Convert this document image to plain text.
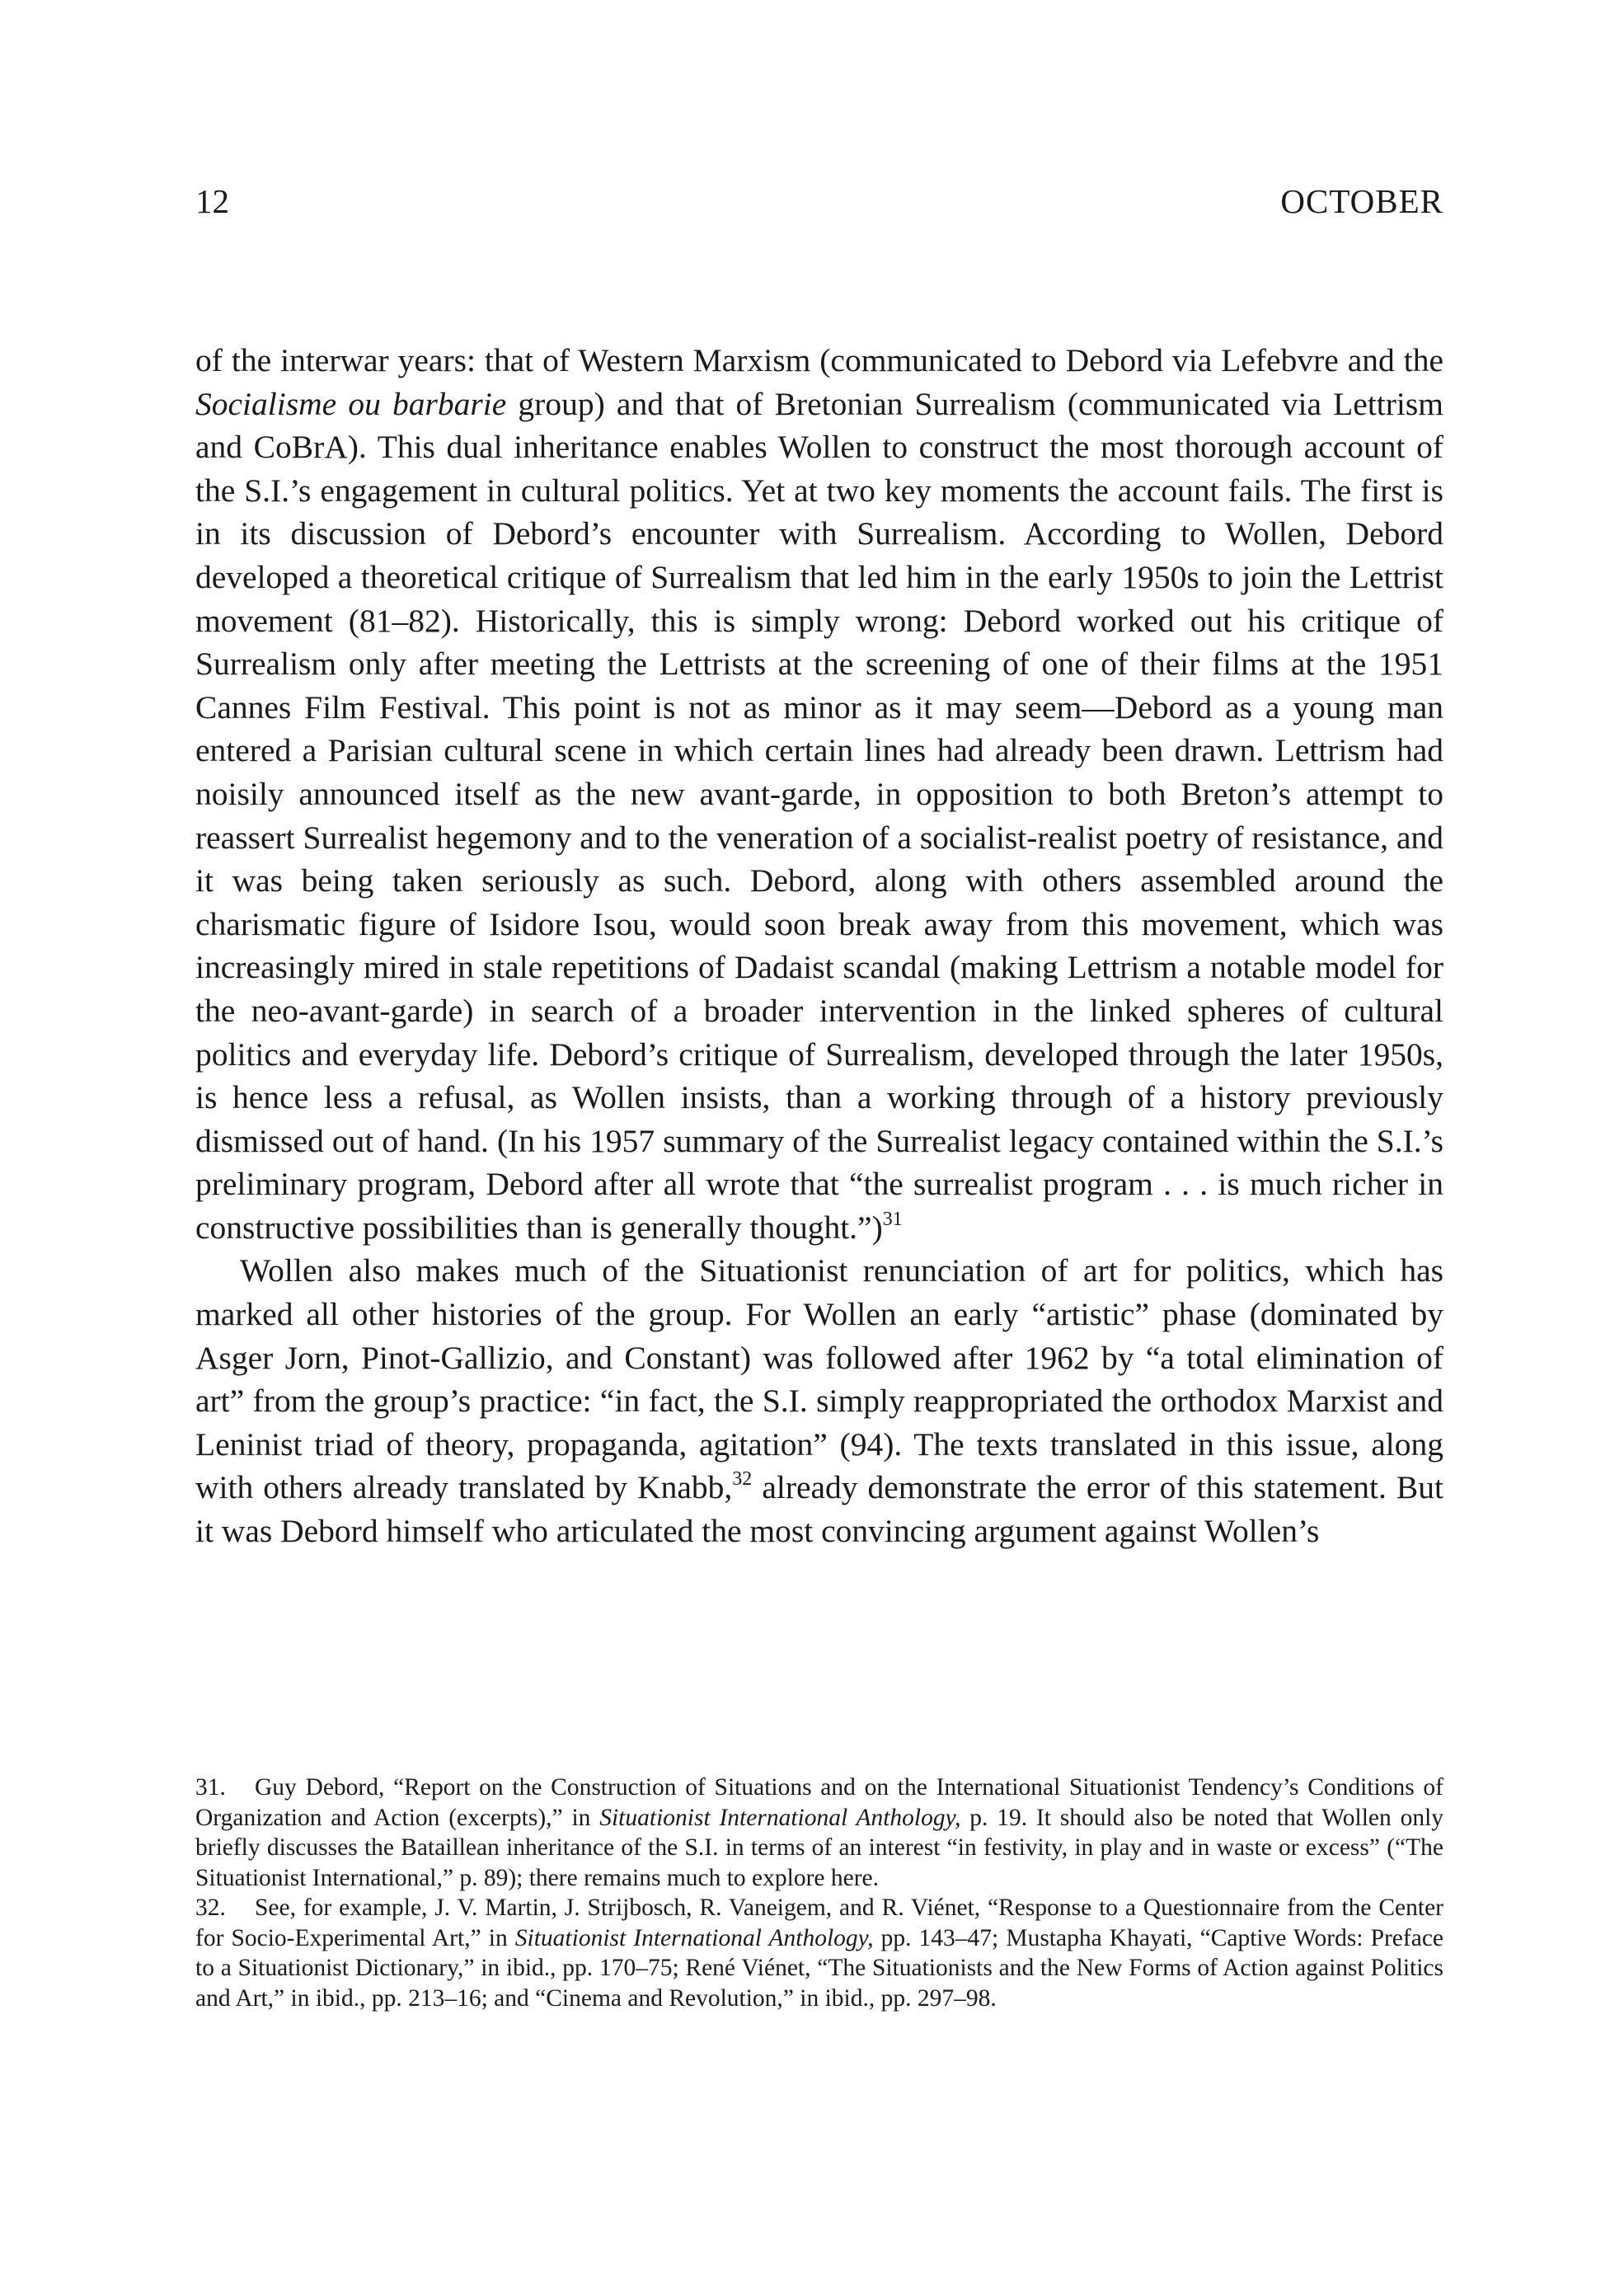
12	OCTOBER

of the interwar years: that of Western Marxism (communicated to Debord via Lefebvre and the Socialisme ou barbarie group) and that of Bretonian Surrealism (communicated via Lettrism and CoBrA). This dual inheritance enables Wollen to construct the most thorough account of the S.I.’s engagement in cultural politics. Yet at two key moments the account fails. The first is in its discussion of Debord’s encounter with Surrealism. According to Wollen, Debord developed a theoretical critique of Surrealism that led him in the early 1950s to join the Lettrist movement (81–82). Historically, this is simply wrong: Debord worked out his critique of Surrealism only after meeting the Lettrists at the screening of one of their films at the 1951 Cannes Film Festival. This point is not as minor as it may seem—Debord as a young man entered a Parisian cultural scene in which certain lines had already been drawn. Lettrism had noisily announced itself as the new avant-garde, in opposition to both Breton’s attempt to reassert Surrealist hegemony and to the veneration of a socialist-realist poetry of resistance, and it was being taken seriously as such. Debord, along with others assembled around the charismatic figure of Isidore Isou, would soon break away from this movement, which was increasingly mired in stale repetitions of Dadaist scandal (making Lettrism a notable model for the neo-avant-garde) in search of a broader intervention in the linked spheres of cultural politics and everyday life. Debord’s critique of Surrealism, developed through the later 1950s, is hence less a refusal, as Wollen insists, than a working through of a history previously dismissed out of hand. (In his 1957 summary of the Surrealist legacy contained within the S.I.’s preliminary program, Debord after all wrote that “the surrealist program . . . is much richer in constructive possibilities than is generally thought.”)$^{31}$

Wollen also makes much of the Situationist renunciation of art for politics, which has marked all other histories of the group. For Wollen an early “artistic” phase (dominated by Asger Jorn, Pinot-Gallizio, and Constant) was followed after 1962 by “a total elimination of art” from the group’s practice: “in fact, the S.I. simply reappropriated the orthodox Marxist and Leninist triad of theory, propaganda, agitation” (94). The texts translated in this issue, along with others already translated by Knabb,$^{32}$ already demonstrate the error of this statement. But it was Debord himself who articulated the most convincing argument against Wollen’s

31. Guy Debord, “Report on the Construction of Situations and on the International Situationist Tendency’s Conditions of Organization and Action (excerpts),” in Situationist International Anthology, p. 19. It should also be noted that Wollen only briefly discusses the Bataillean inheritance of the S.I. in terms of an interest “in festivity, in play and in waste or excess” (“The Situationist International,” p. 89); there remains much to explore here.

32. See, for example, J. V. Martin, J. Strijbosch, R. Vaneigem, and R. Viénet, “Response to a Questionnaire from the Center for Socio-Experimental Art,” in Situationist International Anthology, pp. 143–47; Mustapha Khayati, “Captive Words: Preface to a Situationist Dictionary,” in ibid., pp. 170–75; René Viénet, “The Situationists and the New Forms of Action against Politics and Art,” in ibid., pp. 213–16; and “Cinema and Revolution,” in ibid., pp. 297–98.
